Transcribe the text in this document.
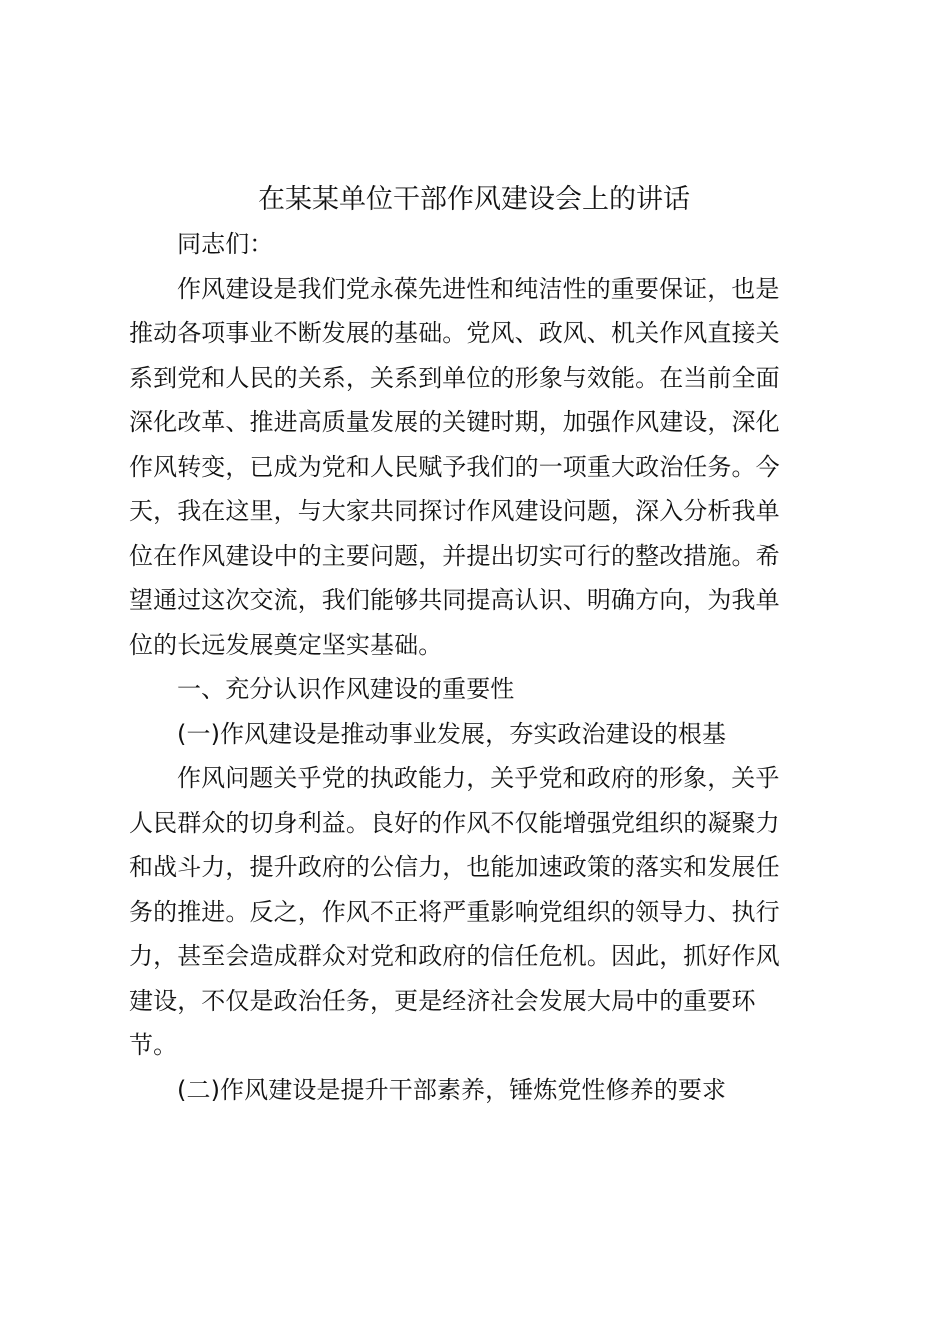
在某某单位干部作风建设会上的讲话
同志们：
作风建设是我们党永葆先进性和纯洁性的重要保证，也是
推动各项事业不断发展的基础。党风、政风、机关作风直接关
系到党和人民的关系，关系到单位的形象与效能。在当前全面
深化改革、推进高质量发展的关键时期，加强作风建设，深化
作风转变，已成为党和人民赋予我们的一项重大政治任务。今
天，我在这里，与大家共同探讨作风建设问题，深入分析我单
位在作风建设中的主要问题，并提出切实可行的整改措施。希
望通过这次交流，我们能够共同提高认识、明确方向，为我单
位的长远发展奠定坚实基础。
一、充分认识作风建设的重要性
(一)作风建设是推动事业发展，夯实政治建设的根基
作风问题关乎党的执政能力，关乎党和政府的形象，关乎
人民群众的切身利益。良好的作风不仅能增强党组织的凝聚力
和战斗力，提升政府的公信力，也能加速政策的落实和发展任
务的推进。反之，作风不正将严重影响党组织的领导力、执行
力，甚至会造成群众对党和政府的信任危机。因此，抓好作风
建设，不仅是政治任务，更是经济社会发展大局中的重要环
节。
(二)作风建设是提升干部素养，锤炼党性修养的要求
